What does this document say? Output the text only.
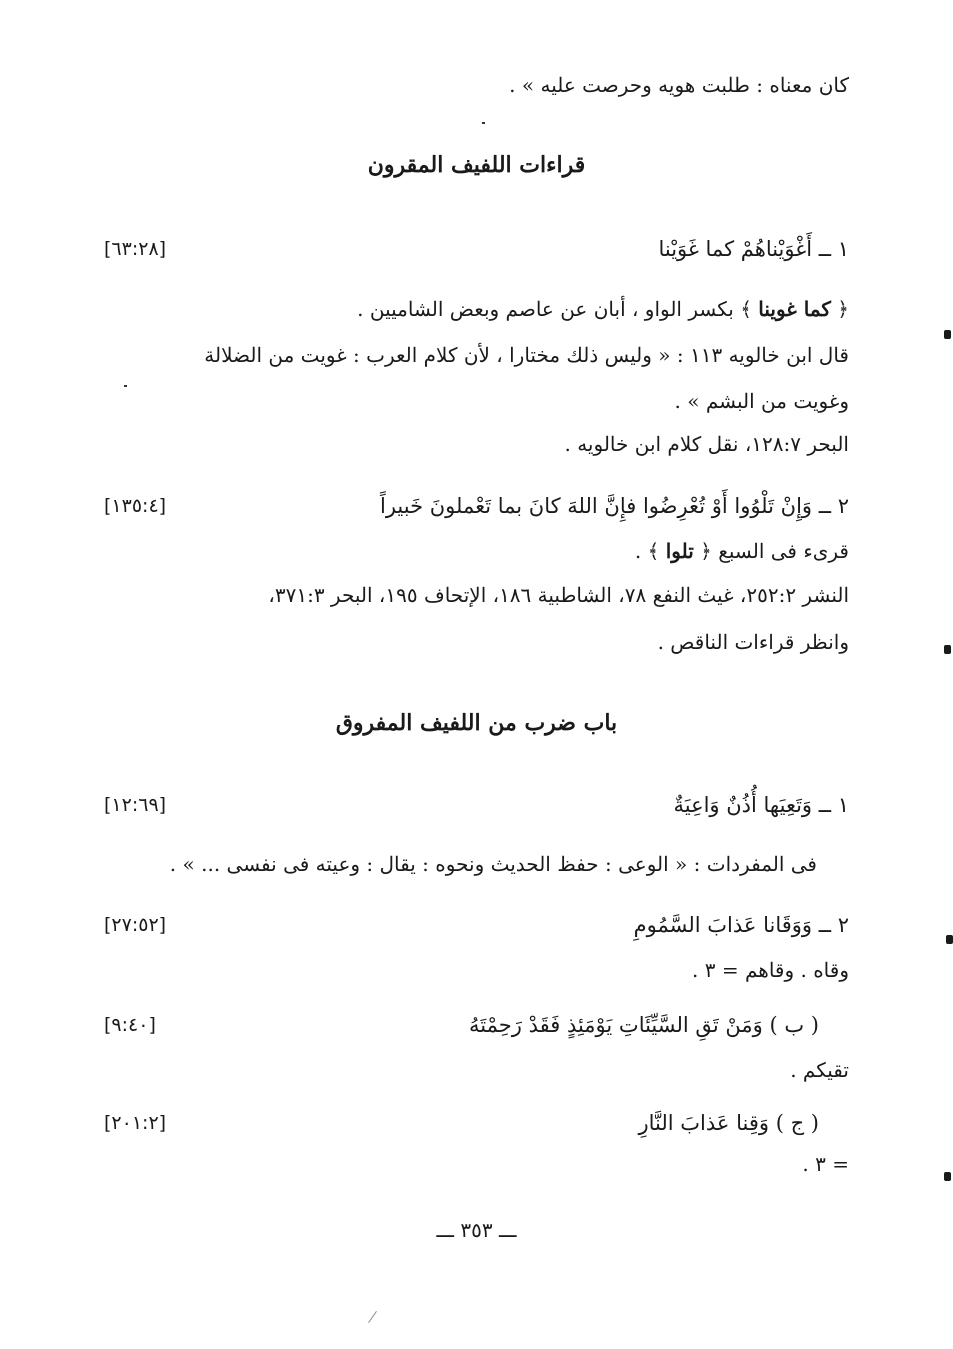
كان معناه : طلبت هويه وحرصت عليه » .
قراءات اللفيف المقرون
١ ــ أَغْوَيْناهُمْ كما غَوَيْنا
[٦٣:٢٨]
﴿ كما غوينا ﴾ بكسر الواو ، أبان عن عاصم وبعض الشاميين .
قال ابن خالويه ١١٣ : « وليس ذلك مختارا ، لأن كلام العرب : غويت من الضلالة
وغويت من البشم » .
البحر ١٢٨:٧، نقل كلام ابن خالويه .
٢ ــ وَإِنْ تَلْوُوا أَوْ تُعْرِضُوا فإِنَّ اللهَ كانَ بما تَعْملونَ خَبيراً
[١٣٥:٤]
قرىء فى السبع ﴿ تلوا ﴾ .
النشر ٢٥٢:٢، غيث النفع ٧٨، الشاطبية ١٨٦، الإتحاف ١٩٥، البحر ٣٧١:٣،
وانظر قراءات الناقص .
باب ضرب من اللفيف المفروق
١ ــ وَتَعِيَها أُذُنٌ وَاعِيَةٌ
[١٢:٦٩]
فى المفردات : « الوعى : حفظ الحديث ونحوه : يقال : وعيته فى نفسى ... » .
٢ ــ وَوَقَانا عَذابَ السَّمُومِ
[٢٧:٥٢]
وقاه . وقاهم = ٣ .
( ب ) وَمَنْ تَقِ السَّيِّئَاتِ يَوْمَئِذٍ فَقَدْ رَحِمْتَهُ
[٩:٤٠]
تقيكم .
( ج ) وَقِنا عَذابَ النَّارِ
[٢٠١:٢]
= ٣ .
ـــ ٣٥٣ ـــ
